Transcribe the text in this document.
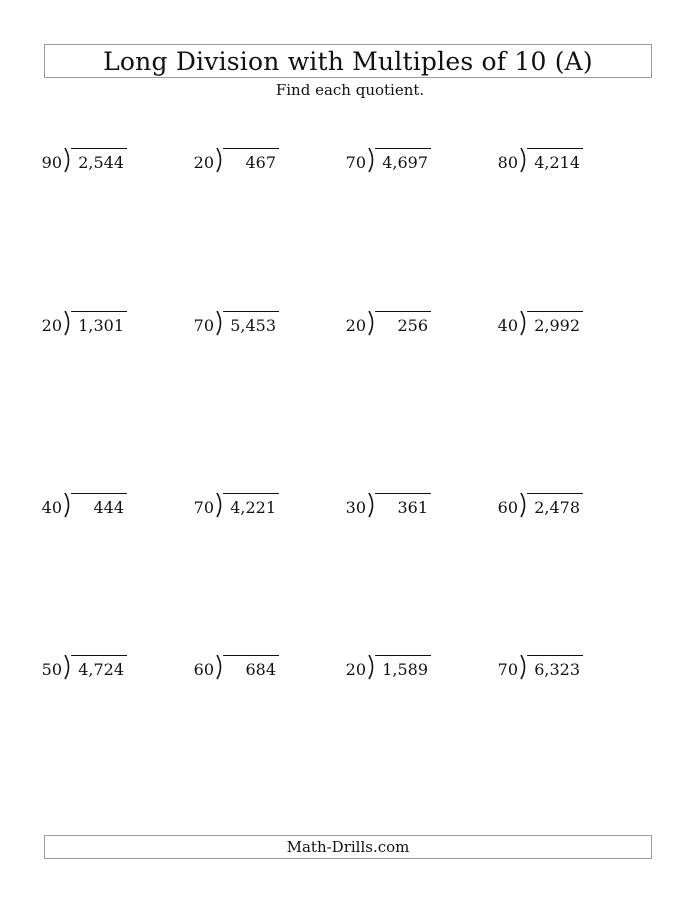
Long Division with Multiples of 10 (A)
Find each quotient.
90 2,544	20	467	70 4,697	80 4,214
20 1,301	70 5,453	20	256	40 2,992
40	444	70 4,221	30	361	60 2,478
50 4,724	60	684	20 1,589	70 6,323
Math-Drills.com
